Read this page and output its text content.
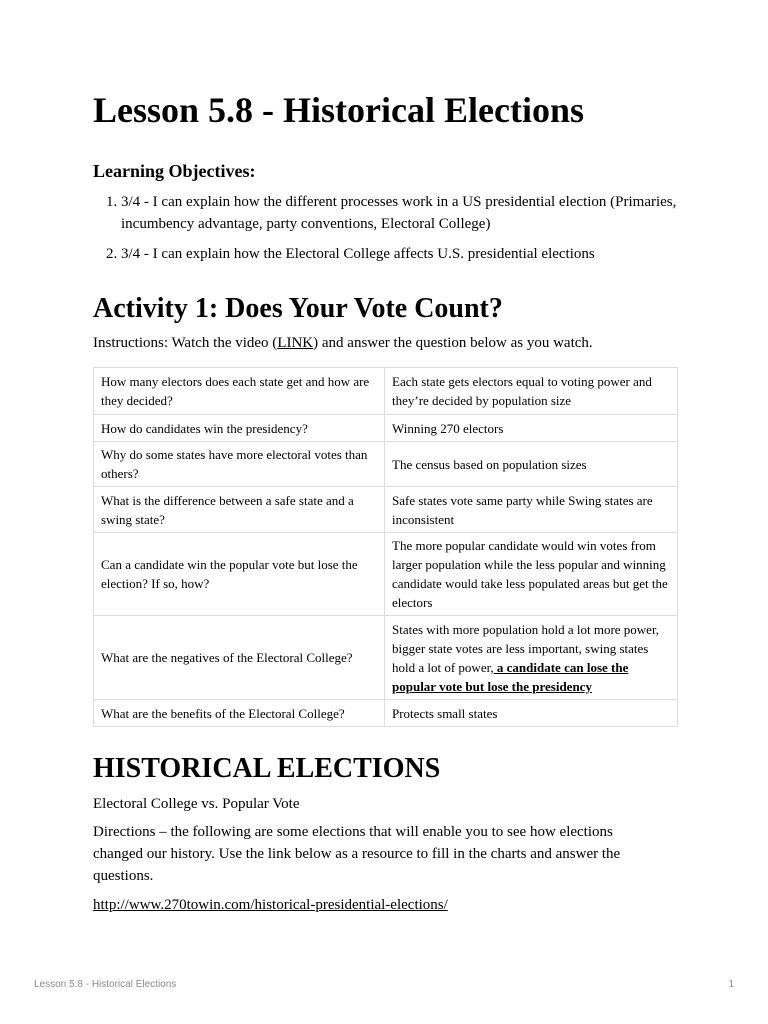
Lesson 5.8 - Historical Elections
Learning Objectives:
1. 3/4 - I can explain how the different processes work in a US presidential election (Primaries, incumbency advantage, party conventions, Electoral College)
2. 3/4 - I can explain how the Electoral College affects U.S. presidential elections
Activity 1: Does Your Vote Count?

Instructions: Watch the video (LINK) and answer the question below as you watch.

How many electors does each state get and how are they decided?	Each state gets electors equal to voting power and they’re decided by population size
How do candidates win the presidency?	Winning 270 electors
Why do some states have more electoral votes than others?	The census based on population sizes
What is the difference between a safe state and a swing state?	Safe states vote same party while Swing states are inconsistent
Can a candidate win the popular vote but lose the election? If so, how?	The more popular candidate would win votes from larger population while the less popular and winning candidate would take less populated areas but get the electors
What are the negatives of the Electoral College?	States with more population hold a lot more power, bigger state votes are less important, swing states hold a lot of power, a candidate can lose the popular vote but lose the presidency
What are the benefits of the Electoral College?	Protects small states
HISTORICAL ELECTIONS

Electoral College vs. Popular Vote

Directions – the following are some elections that will enable you to see how elections changed our history. Use the link below as a resource to fill in the charts and answer the questions.

http://www.270towin.com/historical-presidential-elections/

Lesson 5.8 - Historical Elections	1
